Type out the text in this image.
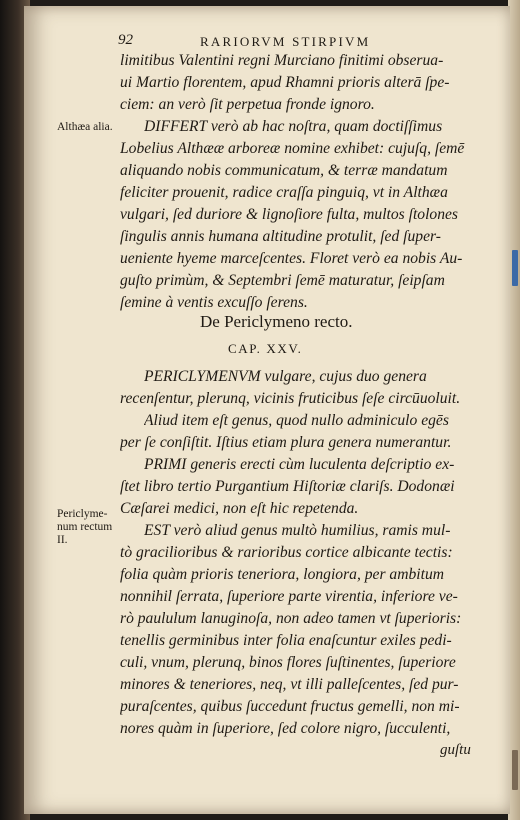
92	RARIORVM STIRPIVM
Althæa alia.
Periclyme-
num rectum
II.
limitibus Valentini regni Murciano finitimi obserua-
ui Martio florentem, apud Rhamni prioris alterā ſpe-
ciem: an verò ſit perpetua fronde ignoro.
DIFFERT verò ab hac noſtra, quam doctiſſimus
Lobelius Althææ arboreæ nomine exhibet: cujuſq, ſemē
aliquando nobis communicatum, & terræ mandatum
feliciter prouenit, radice craſſa pinguiq, vt in Althæa
vulgari, ſed duriore & lignoſiore fulta, multos ſtolones
ſingulis annis humana altitudine protulit, ſed ſuper-
ueniente hyeme marceſcentes. Floret verò ea nobis Au-
guſto primùm, & Septembri ſemē maturatur, ſeipſam
ſemine à ventis excuſſo ſerens.
De Periclymeno recto.
CAP. XXV.
PERICLYMENVM vulgare, cujus duo genera
recenſentur, plerunq, vicinis fruticibus ſeſe circūuoluit.
Aliud item eſt genus, quod nullo adminiculo egēs
per ſe conſiſtit. Iſtius etiam plura genera numerantur.
PRIMI generis erecti cùm luculenta deſcriptio ex-
ſtet libro tertio Purgantium Hiſtoriæ clariſs. Dodonæi
Cæſarei medici, non eſt hic repetenda.
EST verò aliud genus multò humilius, ramis mul-
tò gracilioribus & rarioribus cortice albicante tectis:
folia quàm prioris teneriora, longiora, per ambitum
nonnihil ſerrata, ſuperiore parte virentia, inferiore ve-
rò paululum lanuginoſa, non adeo tamen vt ſuperioris:
tenellis germinibus inter folia enaſcuntur exiles pedi-
culi, vnum, plerunq, binos flores ſuſtinentes, ſuperiore
minores & teneriores, neq, vt illi palleſcentes, ſed pur-
puraſcentes, quibus ſuccedunt fructus gemelli, non mi-
nores quàm in ſuperiore, ſed colore nigro, ſucculenti,
guſtu
